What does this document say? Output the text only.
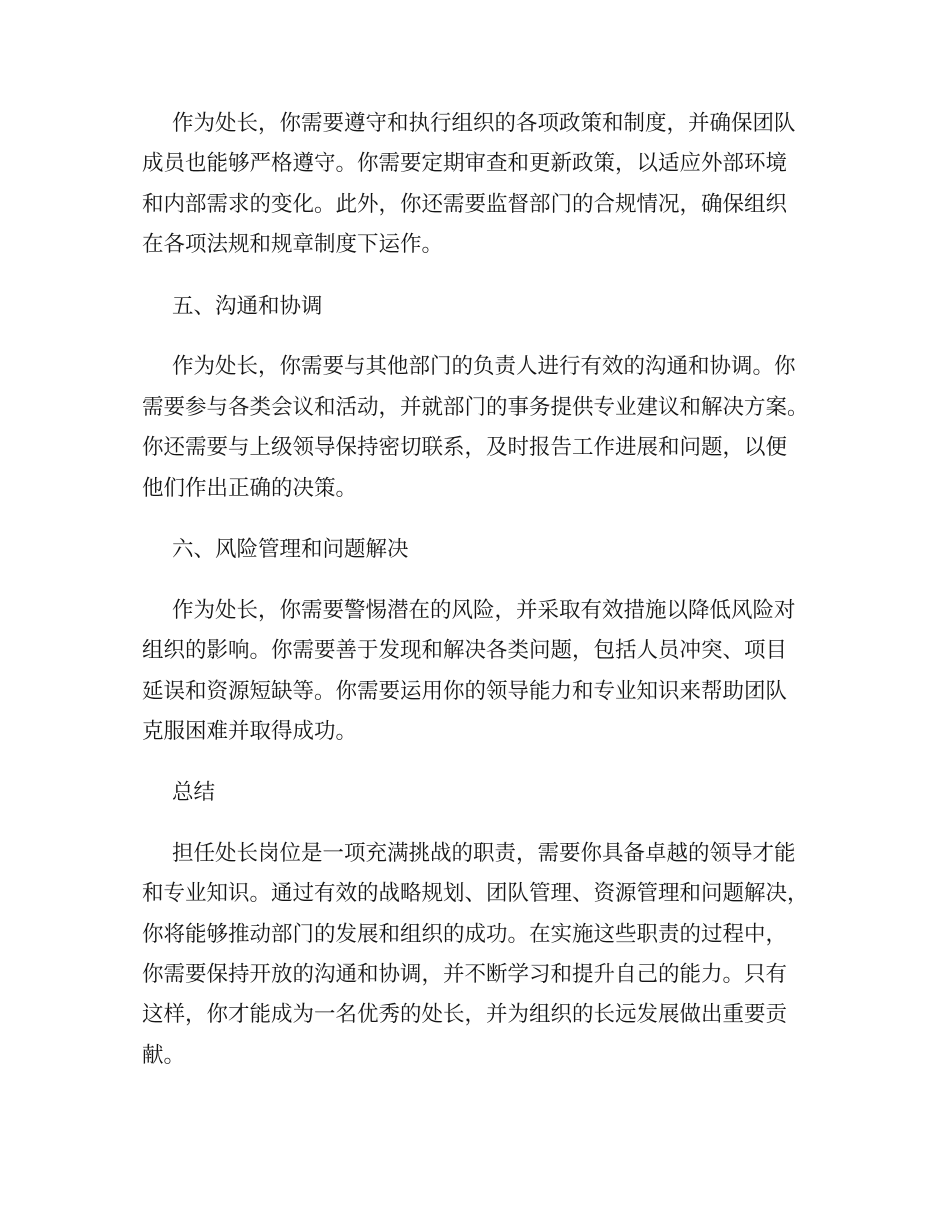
作为处长，你需要遵守和执行组织的各项政策和制度，并确保团队
成员也能够严格遵守。你需要定期审查和更新政策，以适应外部环境
和内部需求的变化。此外，你还需要监督部门的合规情况，确保组织
在各项法规和规章制度下运作。
五、沟通和协调
作为处长，你需要与其他部门的负责人进行有效的沟通和协调。你
需要参与各类会议和活动，并就部门的事务提供专业建议和解决方案。
你还需要与上级领导保持密切联系，及时报告工作进展和问题，以便
他们作出正确的决策。
六、风险管理和问题解决
作为处长，你需要警惕潜在的风险，并采取有效措施以降低风险对
组织的影响。你需要善于发现和解决各类问题，包括人员冲突、项目
延误和资源短缺等。你需要运用你的领导能力和专业知识来帮助团队
克服困难并取得成功。
总结
担任处长岗位是一项充满挑战的职责，需要你具备卓越的领导才能
和专业知识。通过有效的战略规划、团队管理、资源管理和问题解决，
你将能够推动部门的发展和组织的成功。在实施这些职责的过程中，
你需要保持开放的沟通和协调，并不断学习和提升自己的能力。只有
这样，你才能成为一名优秀的处长，并为组织的长远发展做出重要贡
献。
